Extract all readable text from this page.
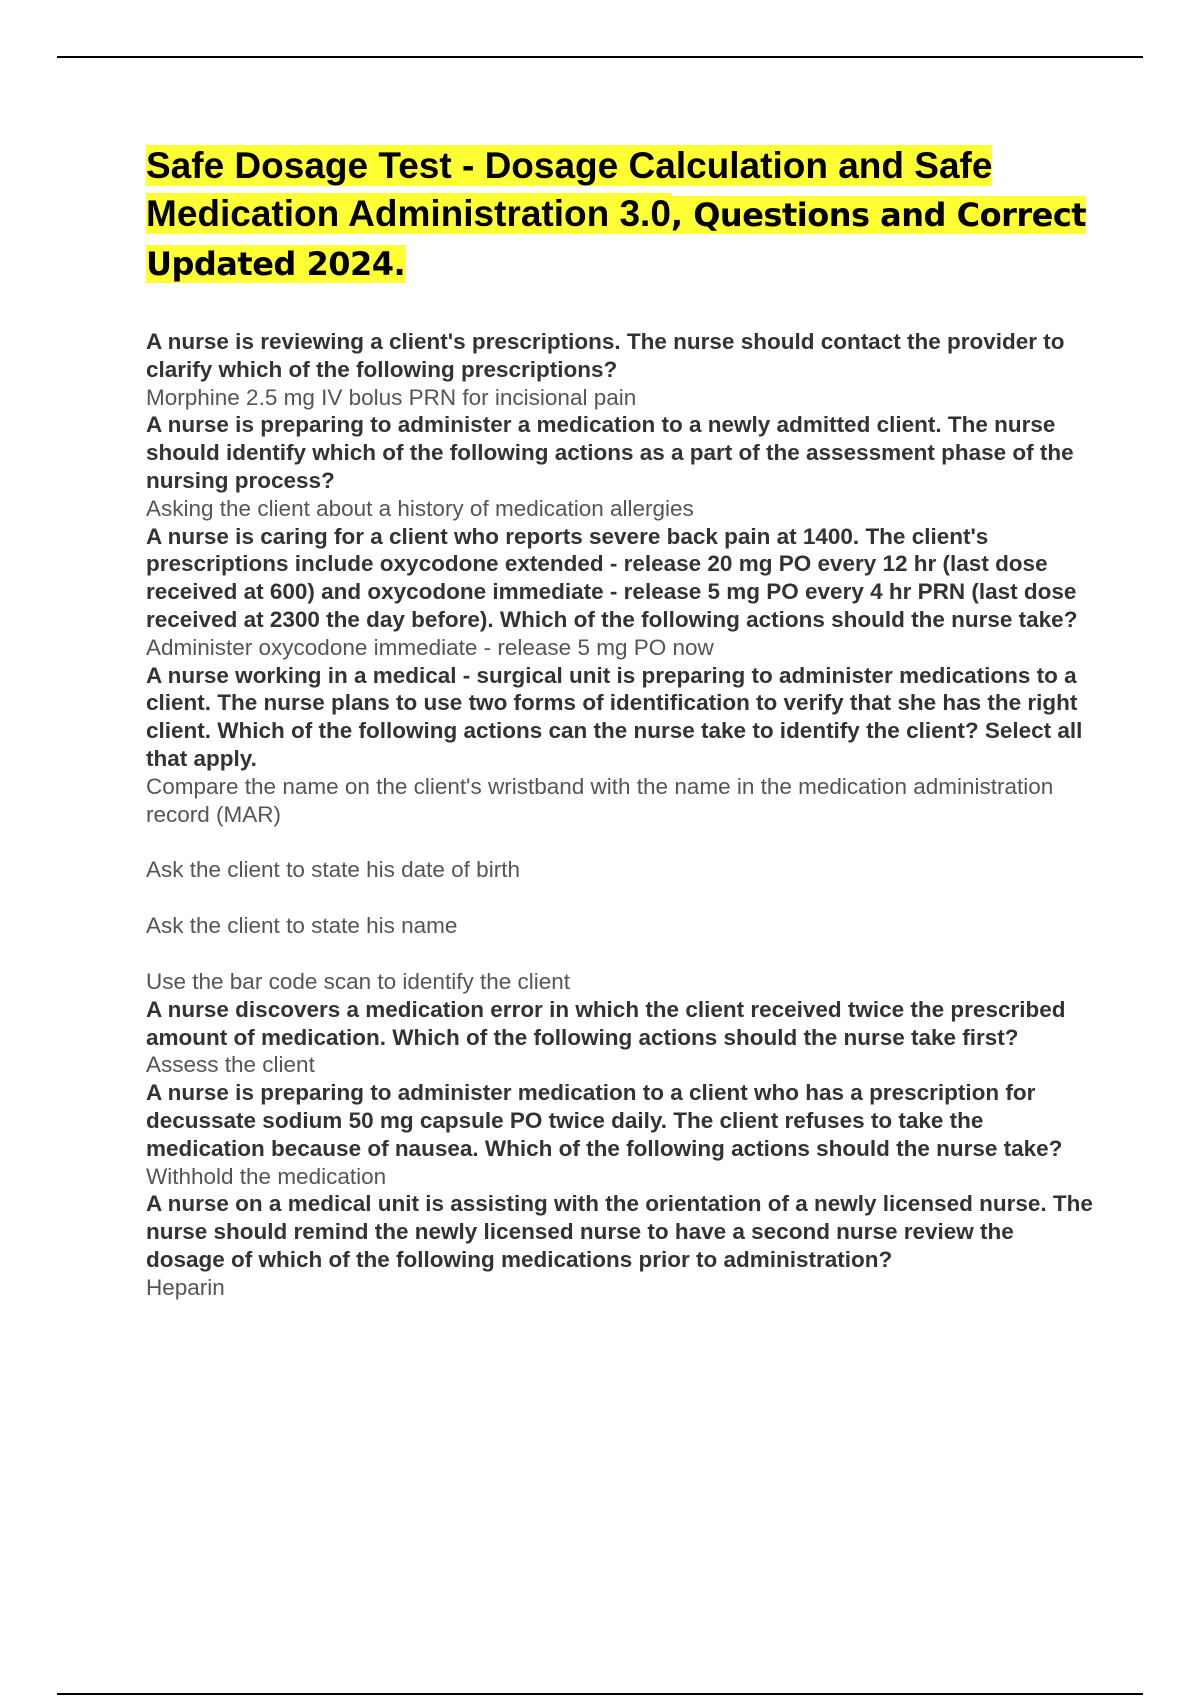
Safe Dosage Test - Dosage Calculation and Safe Medication Administration 3.0, Questions and Correct Updated 2024.

A nurse is reviewing a client's prescriptions. The nurse should contact the provider to clarify which of the following prescriptions?

Morphine 2.5 mg IV bolus PRN for incisional pain

A nurse is preparing to administer a medication to a newly admitted client. The nurse should identify which of the following actions as a part of the assessment phase of the nursing process?

Asking the client about a history of medication allergies

A nurse is caring for a client who reports severe back pain at 1400. The client's prescriptions include oxycodone extended - release 20 mg PO every 12 hr (last dose received at 600) and oxycodone immediate - release 5 mg PO every 4 hr PRN (last dose received at 2300 the day before). Which of the following actions should the nurse take?

Administer oxycodone immediate - release 5 mg PO now

A nurse working in a medical - surgical unit is preparing to administer medications to a client. The nurse plans to use two forms of identification to verify that she has the right client. Which of the following actions can the nurse take to identify the client? Select all that apply.

Compare the name on the client's wristband with the name in the medication administration record (MAR)
Ask the client to state his date of birth
Ask the client to state his name
Use the bar code scan to identify the client

A nurse discovers a medication error in which the client received twice the prescribed amount of medication. Which of the following actions should the nurse take first?

Assess the client

A nurse is preparing to administer medication to a client who has a prescription for decussate sodium 50 mg capsule PO twice daily. The client refuses to take the medication because of nausea. Which of the following actions should the nurse take?

Withhold the medication

A nurse on a medical unit is assisting with the orientation of a newly licensed nurse. The nurse should remind the newly licensed nurse to have a second nurse review the dosage of which of the following medications prior to administration?

Heparin
